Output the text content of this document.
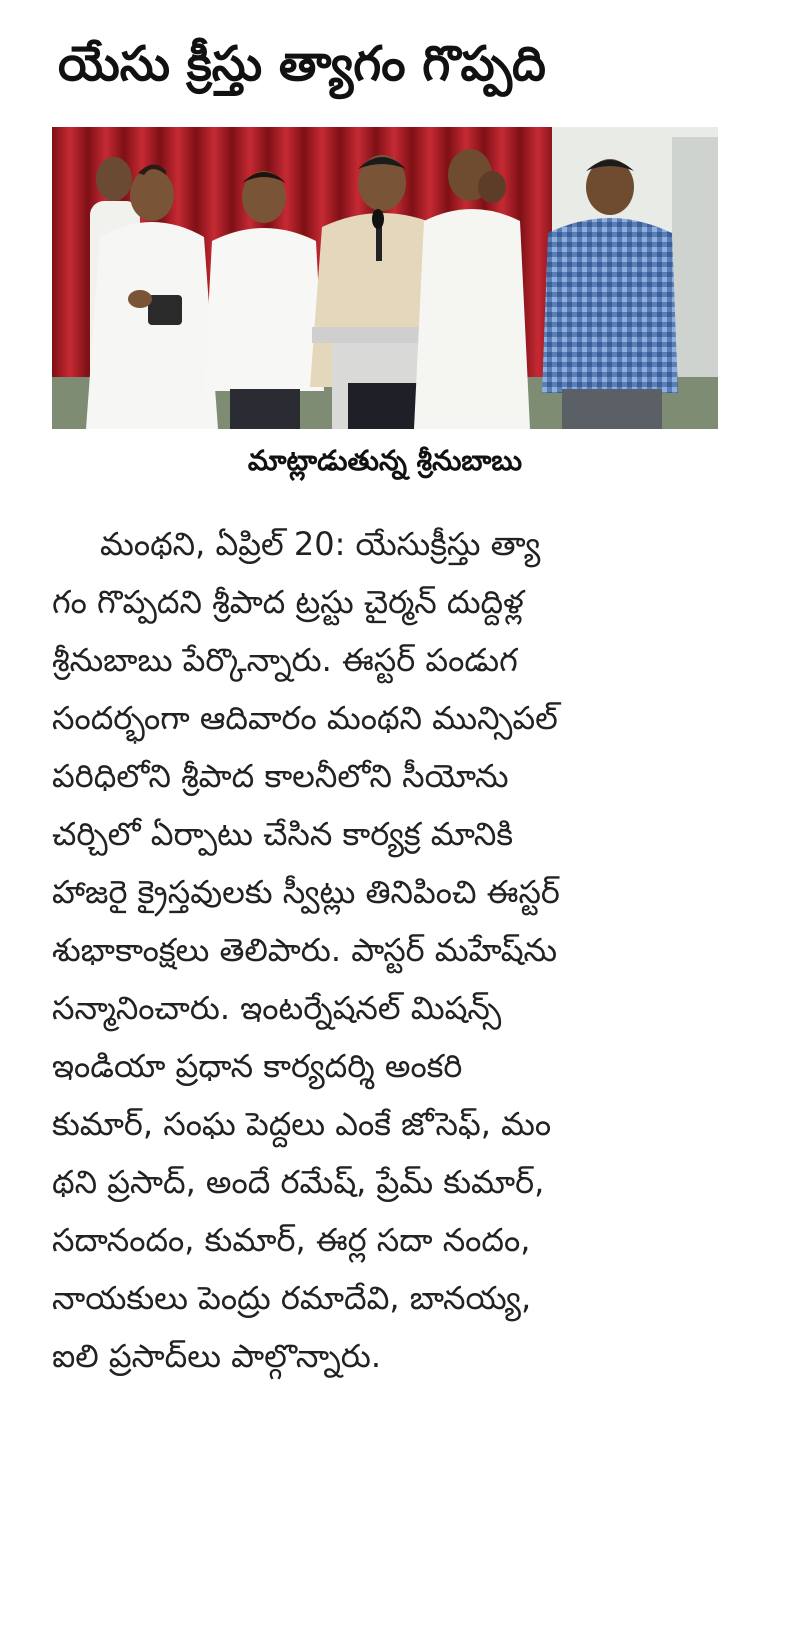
యేసు క్రీస్తు త్యాగం గొప్పది
మాట్లాడుతున్న శ్రీనుబాబు
మంథని, ఏప్రిల్ 20: యేసుక్రీస్తు త్యా
గం గొప్పదని శ్రీపాద ట్రస్టు చైర్మన్ దుద్దిళ్ల
శ్రీనుబాబు పేర్కొన్నారు. ఈస్టర్ పండుగ
సందర్భంగా ఆదివారం మంథని మున్సిపల్
పరిధిలోని శ్రీపాద కాలనీలోని సీయోను
చర్చిలో ఏర్పాటు చేసిన కార్యక్ర మానికి
హాజరై క్రైస్తవులకు స్వీట్లు తినిపించి ఈస్టర్
శుభాకాంక్షలు తెలిపారు. పాస్టర్ మహేష్‌ను
సన్మానించారు. ఇంటర్నేషనల్ మిషన్స్
ఇండియా ప్రధాన కార్యదర్శి అంకరి
కుమార్, సంఘ పెద్దలు ఎంకే జోసెఫ్, మం
థని ప్రసాద్, అందే రమేష్, ప్రేమ్ కుమార్,
సదానందం, కుమార్, ఈర్ల సదా నందం,
నాయకులు పెంద్రు రమాదేవి, బానయ్య,
ఐలి ప్రసాద్‌లు పాల్గొన్నారు.
